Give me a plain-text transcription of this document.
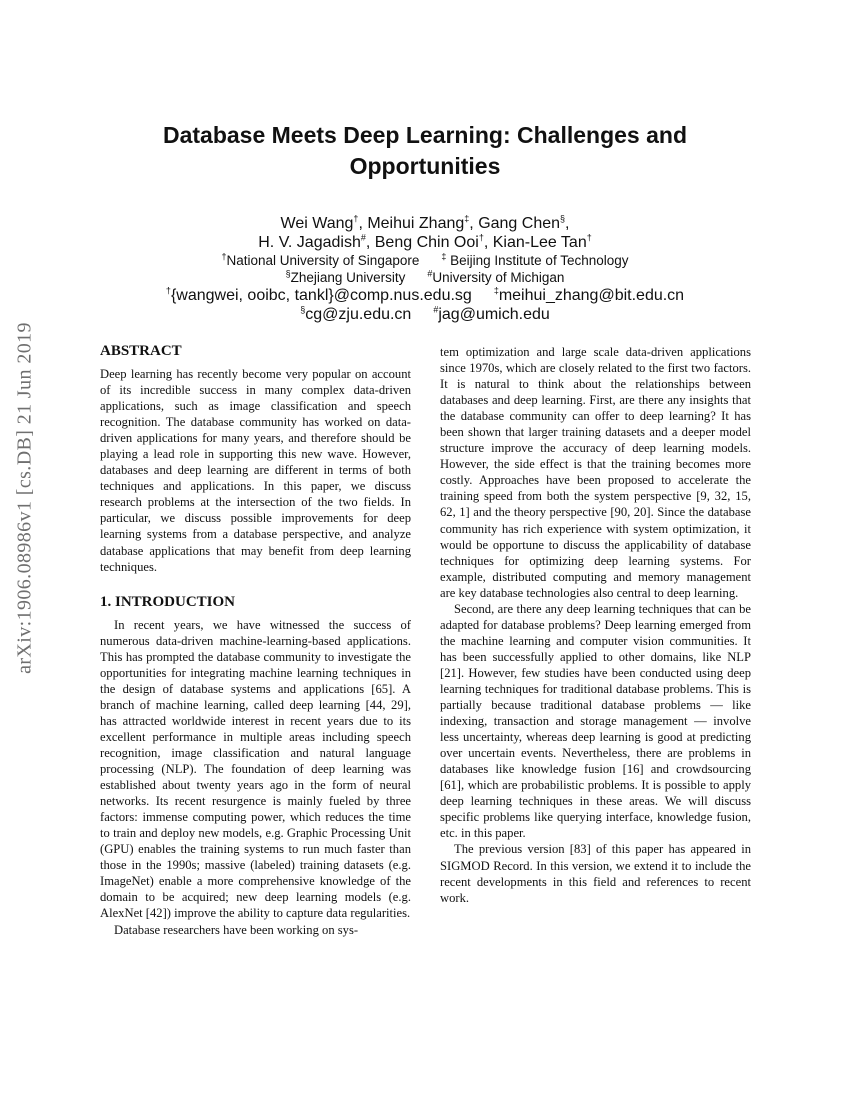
arXiv:1906.08986v1 [cs.DB] 21 Jun 2019
Database Meets Deep Learning: Challenges and
Opportunities
Wei Wang†, Meihui Zhang‡, Gang Chen§,
H. V. Jagadish#, Beng Chin Ooi†, Kian-Lee Tan†
†National University of Singapore ‡ Beijing Institute of Technology
§Zhejiang University #University of Michigan
†{wangwei, ooibc, tankl}@comp.nus.edu.sg ‡meihui_zhang@bit.edu.cn
§cg@zju.edu.cn #jag@umich.edu
ABSTRACT

Deep learning has recently become very popular on account of its incredible success in many complex data-driven applications, such as image classification and speech recognition. The database community has worked on data-driven applications for many years, and therefore should be playing a lead role in supporting this new wave. However, databases and deep learning are different in terms of both techniques and applications. In this paper, we discuss research problems at the intersection of the two fields. In particular, we discuss possible improvements for deep learning systems from a database perspective, and analyze database applications that may benefit from deep learning techniques.

1. INTRODUCTION

In recent years, we have witnessed the success of numerous data-driven machine-learning-based applications. This has prompted the database community to investigate the opportunities for integrating machine learning techniques in the design of database systems and applications [65]. A branch of machine learning, called deep learning [44, 29], has attracted worldwide interest in recent years due to its excellent performance in multiple areas including speech recognition, image classification and natural language processing (NLP). The foundation of deep learning was established about twenty years ago in the form of neural networks. Its recent resurgence is mainly fueled by three factors: immense computing power, which reduces the time to train and deploy new models, e.g. Graphic Processing Unit (GPU) enables the training systems to run much faster than those in the 1990s; massive (labeled) training datasets (e.g. ImageNet) enable a more comprehensive knowledge of the domain to be acquired; new deep learning models (e.g. AlexNet [42]) improve the ability to capture data regularities.

Database researchers have been working on sys-

tem optimization and large scale data-driven applications since 1970s, which are closely related to the first two factors. It is natural to think about the relationships between databases and deep learning. First, are there any insights that the database community can offer to deep learning? It has been shown that larger training datasets and a deeper model structure improve the accuracy of deep learning models. However, the side effect is that the training becomes more costly. Approaches have been proposed to accelerate the training speed from both the system perspective [9, 32, 15, 62, 1] and the theory perspective [90, 20]. Since the database community has rich experience with system optimization, it would be opportune to discuss the applicability of database techniques for optimizing deep learning systems. For example, distributed computing and memory management are key database technologies also central to deep learning.

Second, are there any deep learning techniques that can be adapted for database problems? Deep learning emerged from the machine learning and computer vision communities. It has been successfully applied to other domains, like NLP [21]. However, few studies have been conducted using deep learning techniques for traditional database problems. This is partially because traditional database problems — like indexing, transaction and storage management — involve less uncertainty, whereas deep learning is good at predicting over uncertain events. Nevertheless, there are problems in databases like knowledge fusion [16] and crowdsourcing [61], which are probabilistic problems. It is possible to apply deep learning techniques in these areas. We will discuss specific problems like querying interface, knowledge fusion, etc. in this paper.

The previous version [83] of this paper has appeared in SIGMOD Record. In this version, we extend it to include the recent developments in this field and references to recent work.
